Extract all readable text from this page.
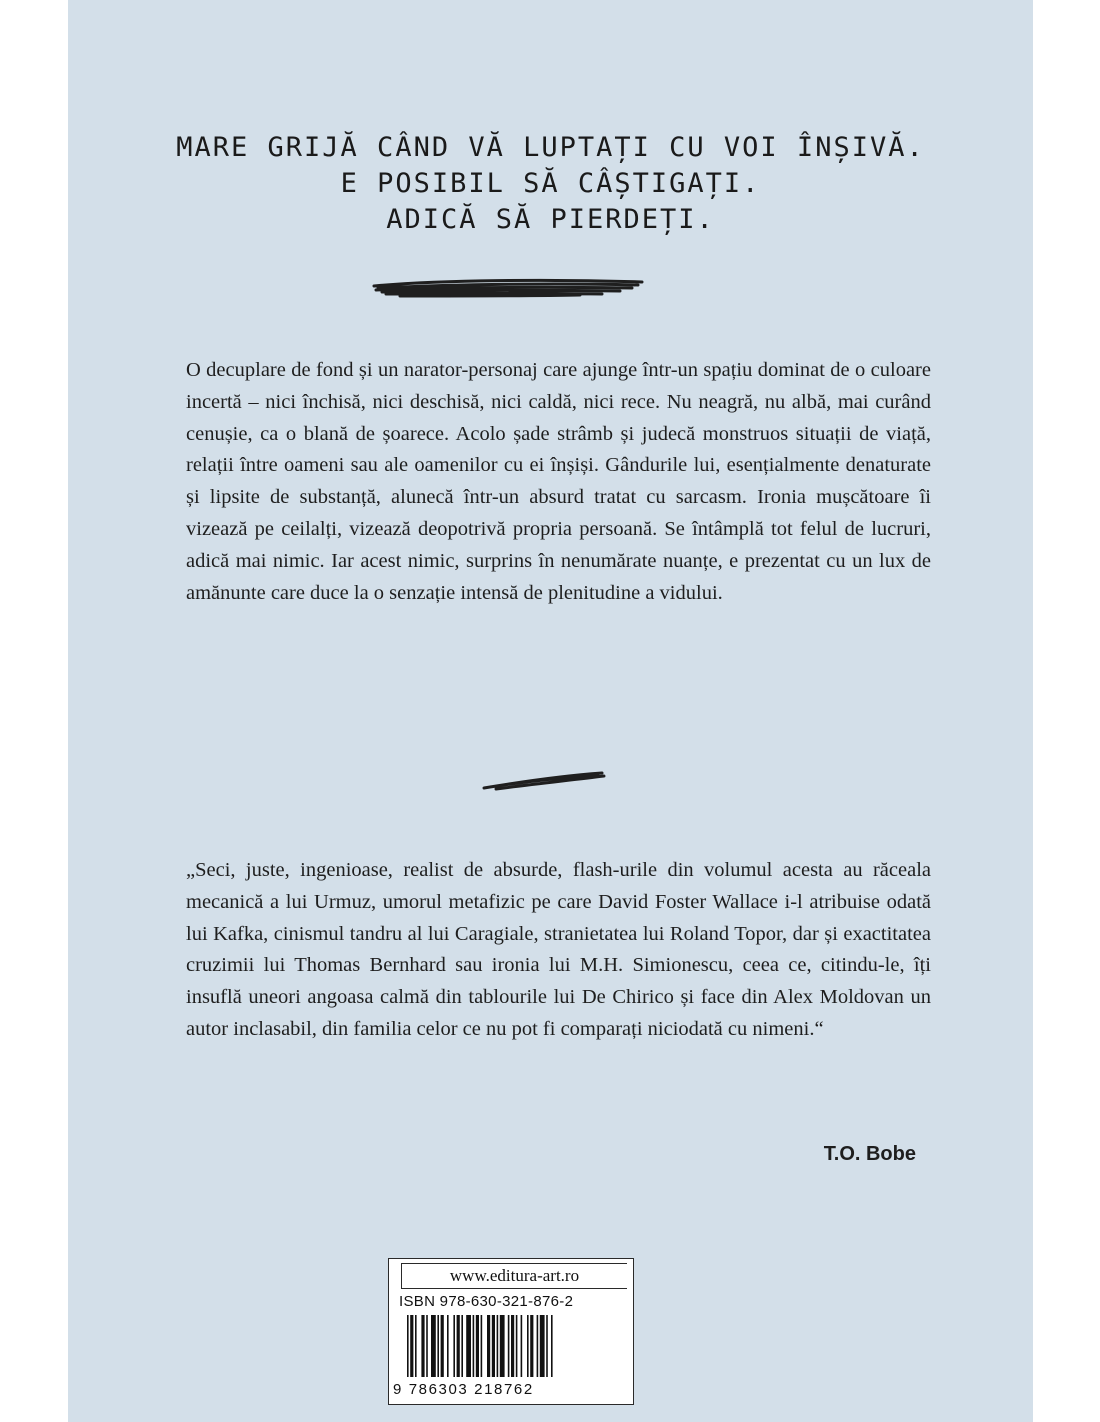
MARE GRIJĂ CÂND VĂ LUPTAȚI CU VOI ÎNȘIVĂ.
E POSIBIL SĂ CÂȘTIGAȚI.
ADICĂ SĂ PIERDEȚI.

O decuplare de fond și un narator-personaj care ajunge într-un spațiu dominat de o culoare incertă – nici închisă, nici deschisă, nici caldă, nici rece. Nu neagră, nu albă, mai curând cenușie, ca o blană de șoarece. Acolo șade strâmb și judecă monstruos situații de viață, relații între oameni sau ale oamenilor cu ei înșiși. Gândurile lui, esențialmente denaturate și lipsite de substanță, alunecă într-un absurd tratat cu sarcasm. Ironia mușcătoare îi vizează pe ceilalți, vizează deopotrivă propria persoană. Se întâmplă tot felul de lucruri, adică mai nimic. Iar acest nimic, surprins în nenumărate nuanțe, e prezentat cu un lux de amănunte care duce la o senzație intensă de plenitudine a vidului.

„Seci, juste, ingenioase, realist de absurde, flash-urile din volumul acesta au răceala mecanică a lui Urmuz, umorul metafizic pe care David Foster Wallace i-l atribuise odată lui Kafka, cinismul tandru al lui Caragiale, stranietatea lui Roland Topor, dar și exactitatea cruzimii lui Thomas Bernhard sau ironia lui M.H. Simionescu, ceea ce, citindu-le, îți insuflă uneori angoasa calmă din tablourile lui De Chirico și face din Alex Moldovan un autor inclasabil, din familia celor ce nu pot fi comparați niciodată cu nimeni.“

T.O. Bobe
www.editura-art.ro
ISBN 978-630-321-876-2
9 786303 218762
